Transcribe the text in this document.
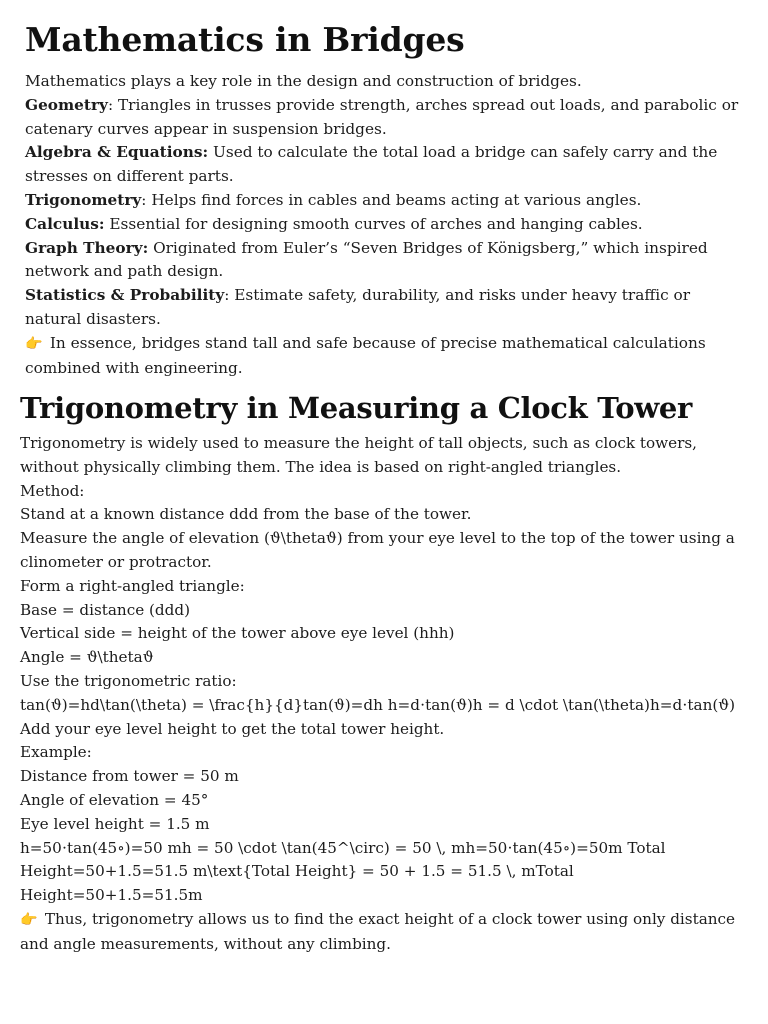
Mathematics in Bridges

Mathematics plays a key role in the design and construction of bridges.

Geometry: Triangles in trusses provide strength, arches spread out loads, and parabolic or catenary curves appear in suspension bridges.

Algebra & Equations: Used to calculate the total load a bridge can safely carry and the stresses on different parts.

Trigonometry: Helps find forces in cables and beams acting at various angles.

Calculus: Essential for designing smooth curves of arches and hanging cables.

Graph Theory: Originated from Euler’s “Seven Bridges of Königsberg,” which inspired network and path design.

Statistics & Probability: Estimate safety, durability, and risks under heavy traffic or natural disasters.

👉 In essence, bridges stand tall and safe because of precise mathematical calculations combined with engineering.

Trigonometry in Measuring a Clock Tower

Trigonometry is widely used to measure the height of tall objects, such as clock towers, without physically climbing them. The idea is based on right-angled triangles.

Method:

Stand at a known distance ddd from the base of the tower.

Measure the angle of elevation (ϑ\thetaϑ) from your eye level to the top of the tower using a clinometer or protractor.

Form a right-angled triangle:

Base = distance (ddd)

Vertical side = height of the tower above eye level (hhh)

Angle = ϑ\thetaϑ

Use the trigonometric ratio:

tan(ϑ)=hd\tan(\theta) = \frac{h}{d}tan(ϑ)=dh h=d⋅tan(ϑ)h = d \cdot \tan(\theta)h=d⋅tan(ϑ)

Add your eye level height to get the total tower height.

Example:

Distance from tower = 50 m

Angle of elevation = 45°

Eye level height = 1.5 m

h=50⋅tan(45∘)=50 mh = 50 \cdot \tan(45^\circ) = 50 \, mh=50⋅tan(45∘)=50m Total Height=50+1.5=51.5 m\text{Total Height} = 50 + 1.5 = 51.5 \, mTotal Height=50+1.5=51.5m

👉 Thus, trigonometry allows us to find the exact height of a clock tower using only distance and angle measurements, without any climbing.
